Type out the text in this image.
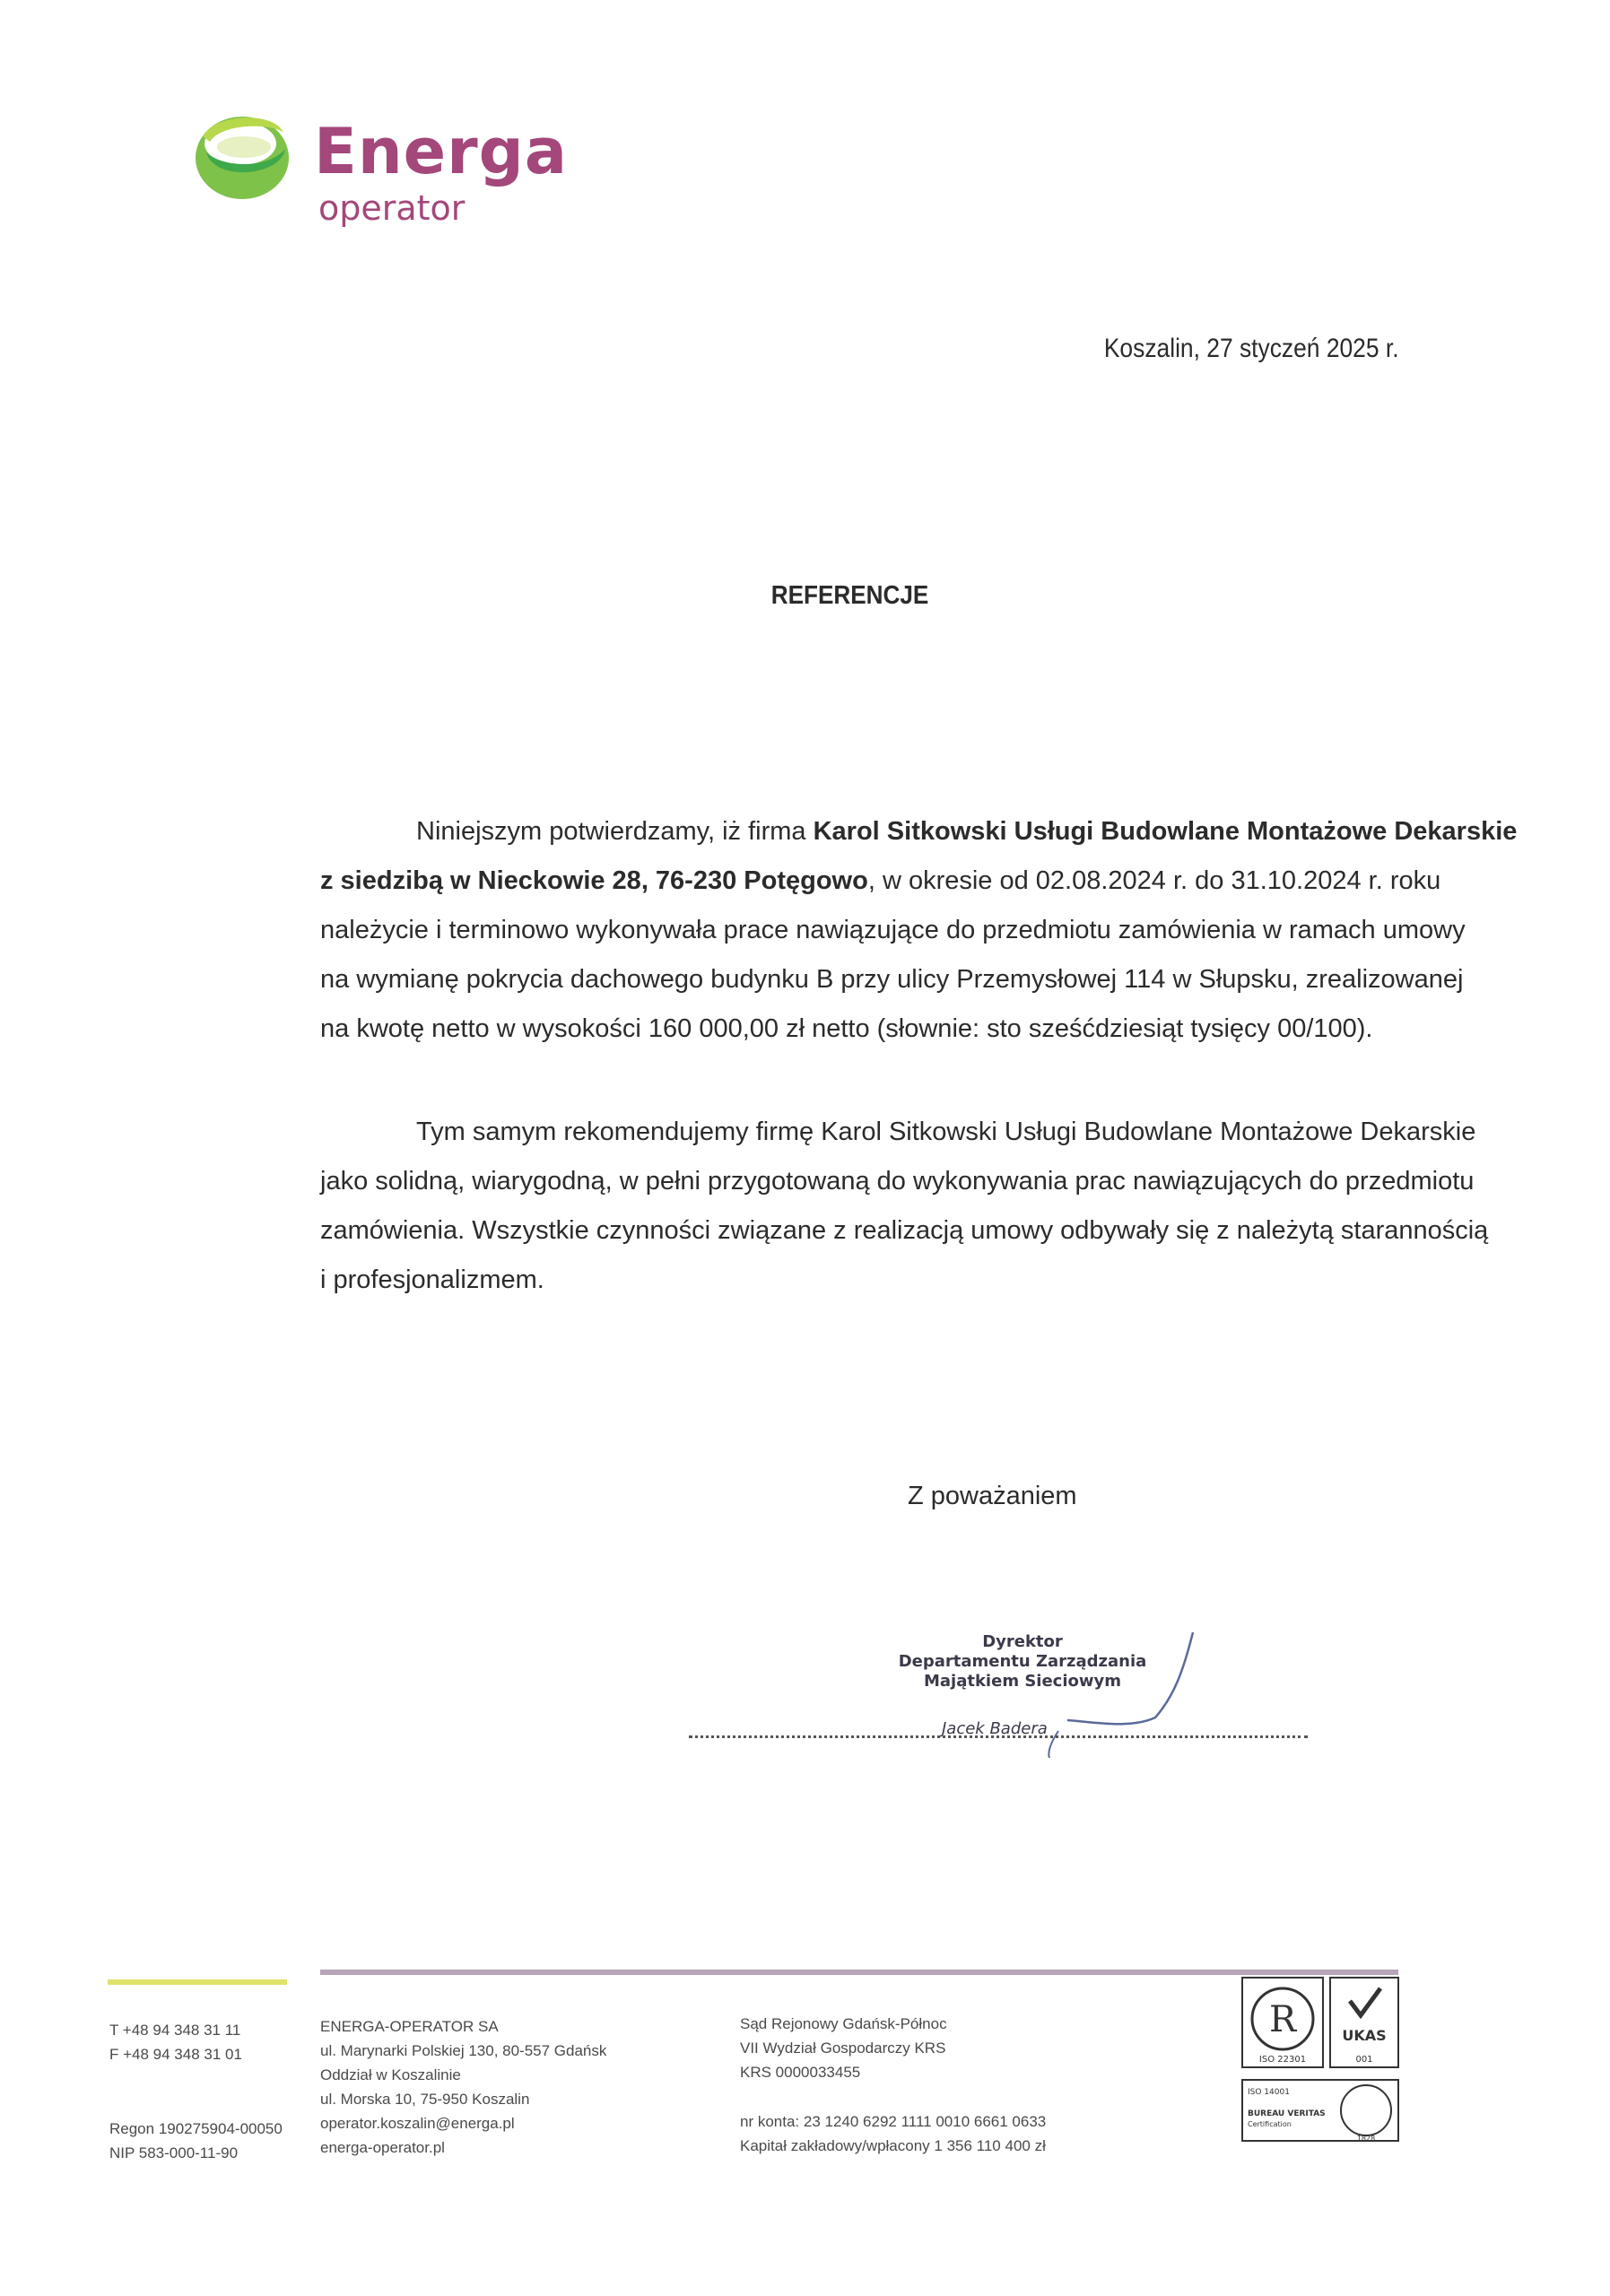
Energa
operator
Koszalin, 27 styczeń 2025 r.
REFERENCJE
Niniejszym potwierdzamy, iż firma Karol Sitkowski Usługi Budowlane Montażowe Dekarskie
z siedzibą w Nieckowie 28, 76-230 Potęgowo, w okresie od 02.08.2024 r. do 31.10.2024 r. roku
należycie i terminowo wykonywała prace nawiązujące do przedmiotu zamówienia w ramach umowy
na wymianę pokrycia dachowego budynku B przy ulicy Przemysłowej 114 w Słupsku, zrealizowanej
na kwotę netto w wysokości 160 000,00 zł netto (słownie: sto sześćdziesiąt tysięcy 00/100).
Tym samym rekomendujemy firmę Karol Sitkowski Usługi Budowlane Montażowe Dekarskie
jako solidną, wiarygodną, w pełni przygotowaną do wykonywania prac nawiązujących do przedmiotu
zamówienia. Wszystkie czynności związane z realizacją umowy odbywały się z należytą starannością
i profesjonalizmem.
Z poważaniem
Dyrektor
Departamentu Zarządzania
Majątkiem Sieciowym
Jacek Badera
T +48 94 348 31 11
F +48 94 348 31 01
Regon 190275904-00050
NIP 583-000-11-90
ENERGA-OPERATOR SA
ul. Marynarki Polskiej 130, 80-557 Gdańsk
Oddział w Koszalinie
ul. Morska 10, 75-950 Koszalin
operator.koszalin@energa.pl
energa-operator.pl
Sąd Rejonowy Gdańsk-Północ
VII Wydział Gospodarczy KRS
KRS 0000033455
nr konta: 23 1240 6292 1111 0010 6661 0633
Kapitał zakładowy/wpłacony 1 356 110 400 zł
R
ISO 22301
UKAS
001
ISO 14001
BUREAU VERITAS
Certification
1828
